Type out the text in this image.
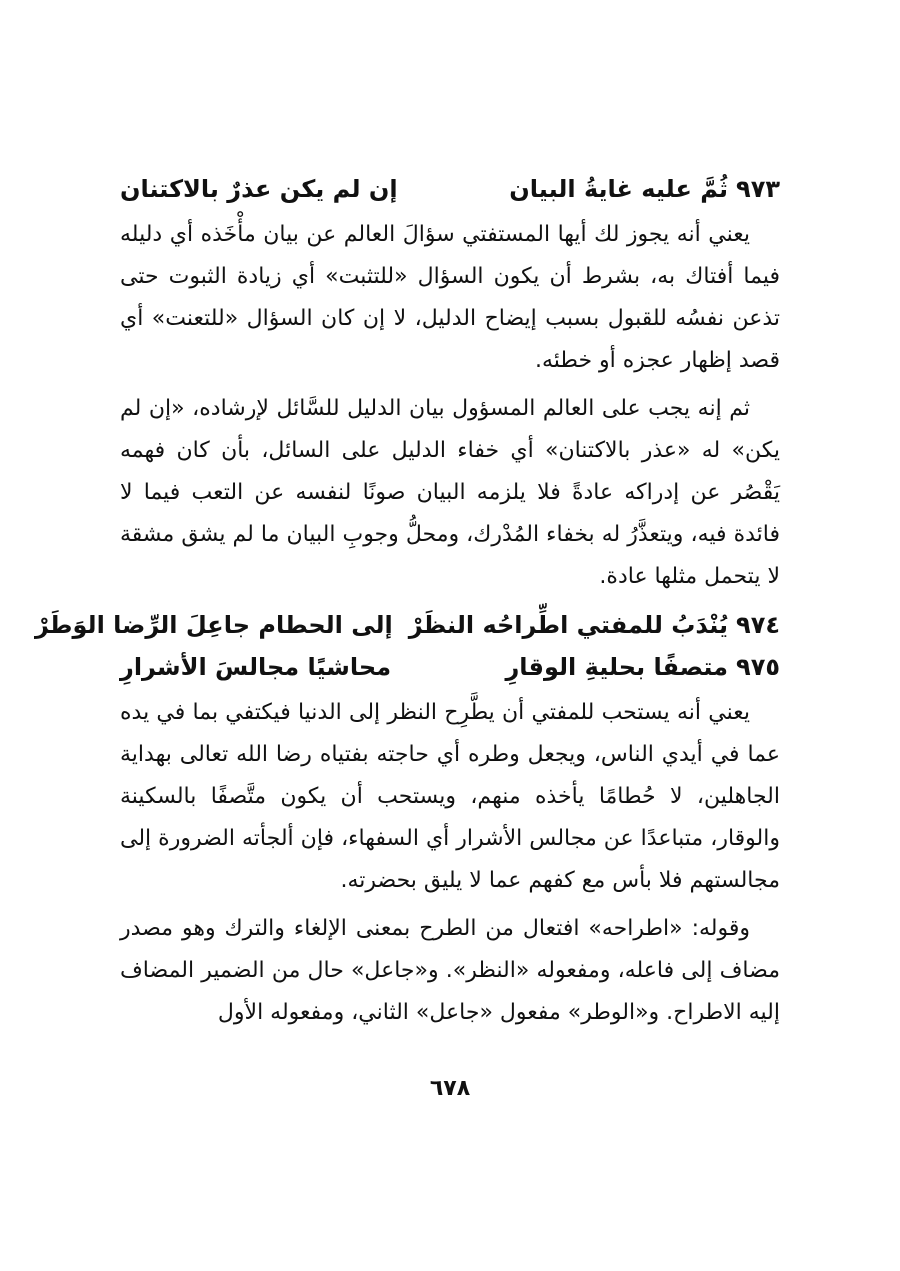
٩٧٣
ثُمَّ عليه غايةُ البيان
إن لم يكن عذرٌ بالاكتنان

يعني أنه يجوز لك أيها المستفتي سؤالَ العالم عن بيان مأْخَذه أي دليله فيما أفتاك به، بشرط أن يكون السؤال «للتثبت» أي زيادة الثبوت حتى تذعن نفسُه للقبول بسبب إيضاح الدليل، لا إن كان السؤال «للتعنت» أي قصد إظهار عجزه أو خطئه.

ثم إنه يجب على العالم المسؤول بيان الدليل للسَّائل لإرشاده، «إن لم يكن» له «عذر بالاكتنان» أي خفاء الدليل على السائل، بأن كان فهمه يَقْصُر عن إدراكه عادةً فلا يلزمه البيان صونًا لنفسه عن التعب فيما لا فائدة فيه، ويتعذَّرُ له بخفاء المُدْرك، ومحلُّ وجوبِ البيان ما لم يشق مشقة لا يتحمل مثلها عادة.

٩٧٤
يُنْدَبُ للمفتي اطِّراحُه النظَرْ
إلى الحطام جاعِلَ الرِّضا الوَطَرْ
٩٧٥
متصفًا بحليةِ الوقارِ
محاشيًا مجالسَ الأشرارِ

يعني أنه يستحب للمفتي أن يطَّرِح النظر إلى الدنيا فيكتفي بما في يده عما في أيدي الناس، ويجعل وطره أي حاجته بفتياه رضا الله تعالى بهداية الجاهلين، لا حُطامًا يأخذه منهم، ويستحب أن يكون متَّصفًا بالسكينة والوقار، متباعدًا عن مجالس الأشرار أي السفهاء، فإن ألجأته الضرورة إلى مجالستهم فلا بأس مع كفهم عما لا يليق بحضرته.

وقوله: «اطراحه» افتعال من الطرح بمعنى الإلغاء والترك وهو مصدر مضاف إلى فاعله، ومفعوله «النظر». و«جاعل» حال من الضمير المضاف إليه الاطراح. و«الوطر» مفعول «جاعل» الثاني، ومفعوله الأول

٦٧٨
